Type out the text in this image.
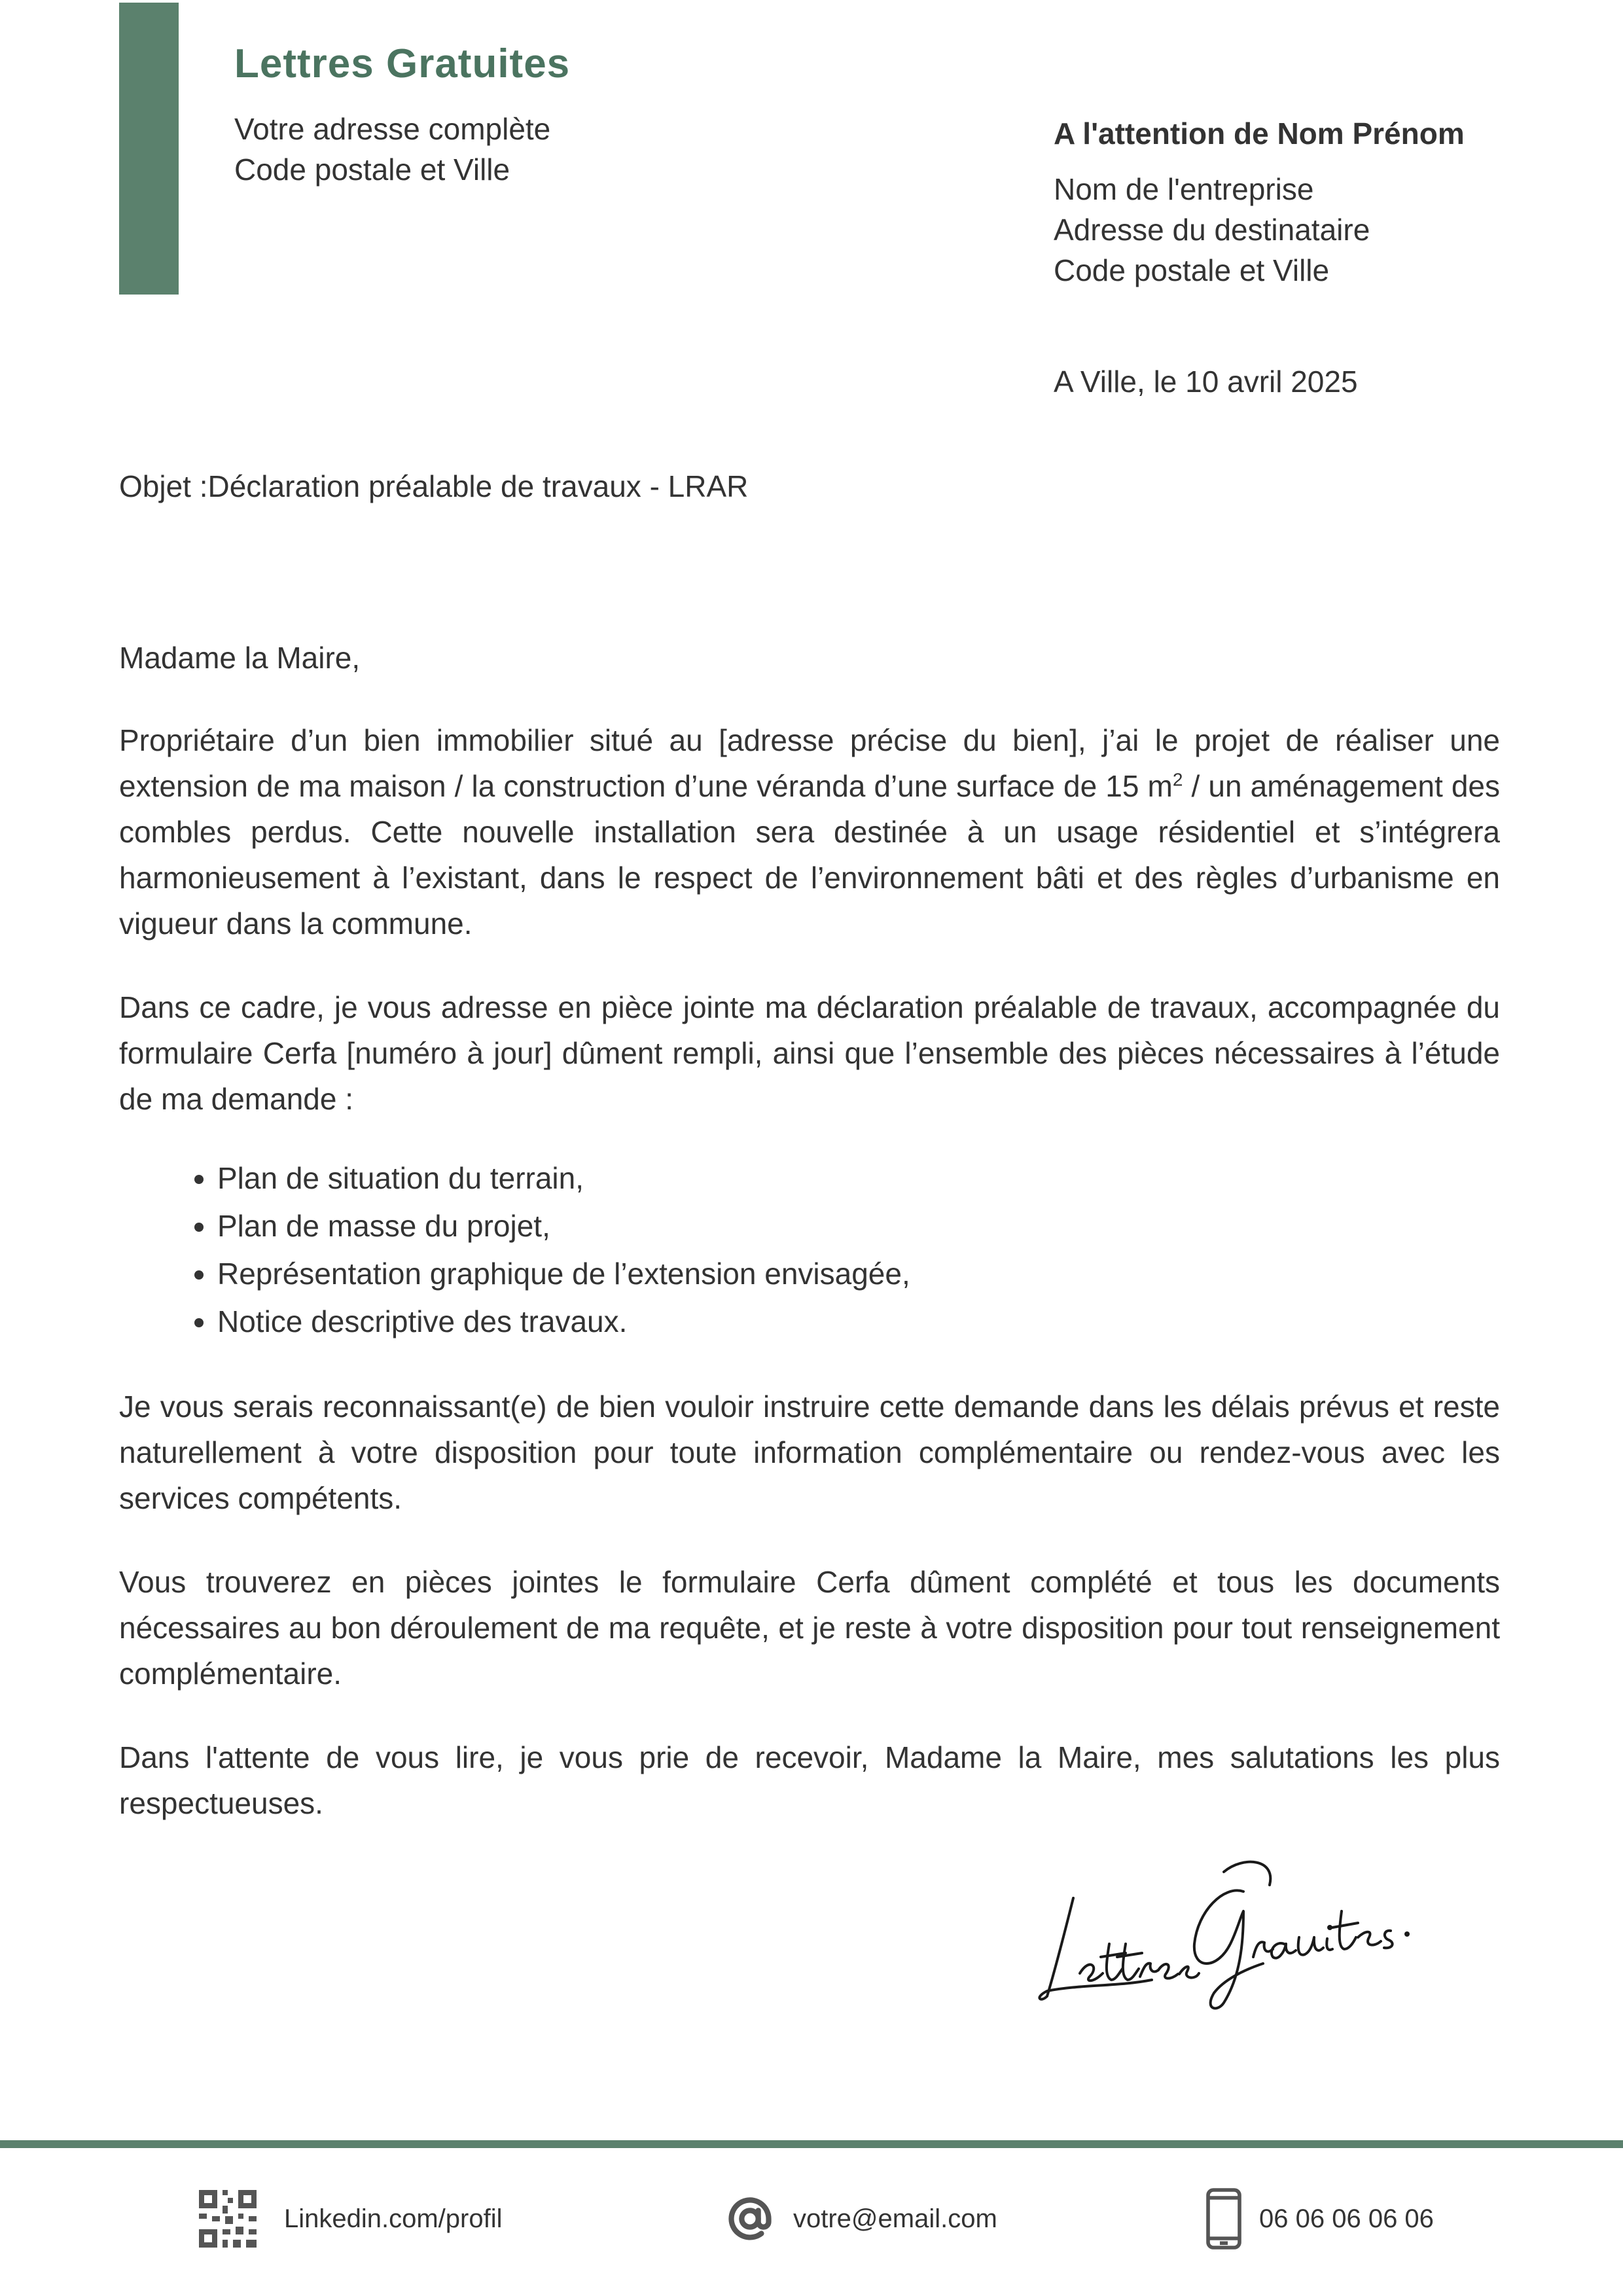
Lettres Gratuites
Votre adresse complète
Code postale et Ville
A l'attention de Nom Prénom
Nom de l'entreprise
Adresse du destinataire
Code postale et Ville
A Ville, le 10 avril 2025
Objet :Déclaration préalable de travaux - LRAR

Madame la Maire,

Propriétaire d’un bien immobilier situé au [adresse précise du bien], j’ai le projet de réaliser une extension de ma maison / la construction d’une véranda d’une surface de 15 $m^2$ / un aménagement des combles perdus. Cette nouvelle installation sera destinée à un usage résidentiel et s’intégrera harmonieusement à l’existant, dans le respect de l’environnement bâti et des règles d’urbanisme en vigueur dans la commune.

Dans ce cadre, je vous adresse en pièce jointe ma déclaration préalable de travaux, accompagnée du formulaire Cerfa [numéro à jour] dûment rempli, ainsi que l’ensemble des pièces nécessaires à l’étude de ma demande :

• Plan de situation du terrain,
• Plan de masse du projet,
• Représentation graphique de l’extension envisagée,
• Notice descriptive des travaux.

Je vous serais reconnaissant(e) de bien vouloir instruire cette demande dans les délais prévus et reste naturellement à votre disposition pour toute information complémentaire ou rendez-vous avec les services compétents.

Vous trouverez en pièces jointes le formulaire Cerfa dûment complété et tous les documents nécessaires au bon déroulement de ma requête, et je reste à votre disposition pour tout renseignement complémentaire.

Dans l'attente de vous lire, je vous prie de recevoir, Madame la Maire, mes salutations les plus respectueuses.

Linkedin.com/profil	votre@email.com	06 06 06 06 06
